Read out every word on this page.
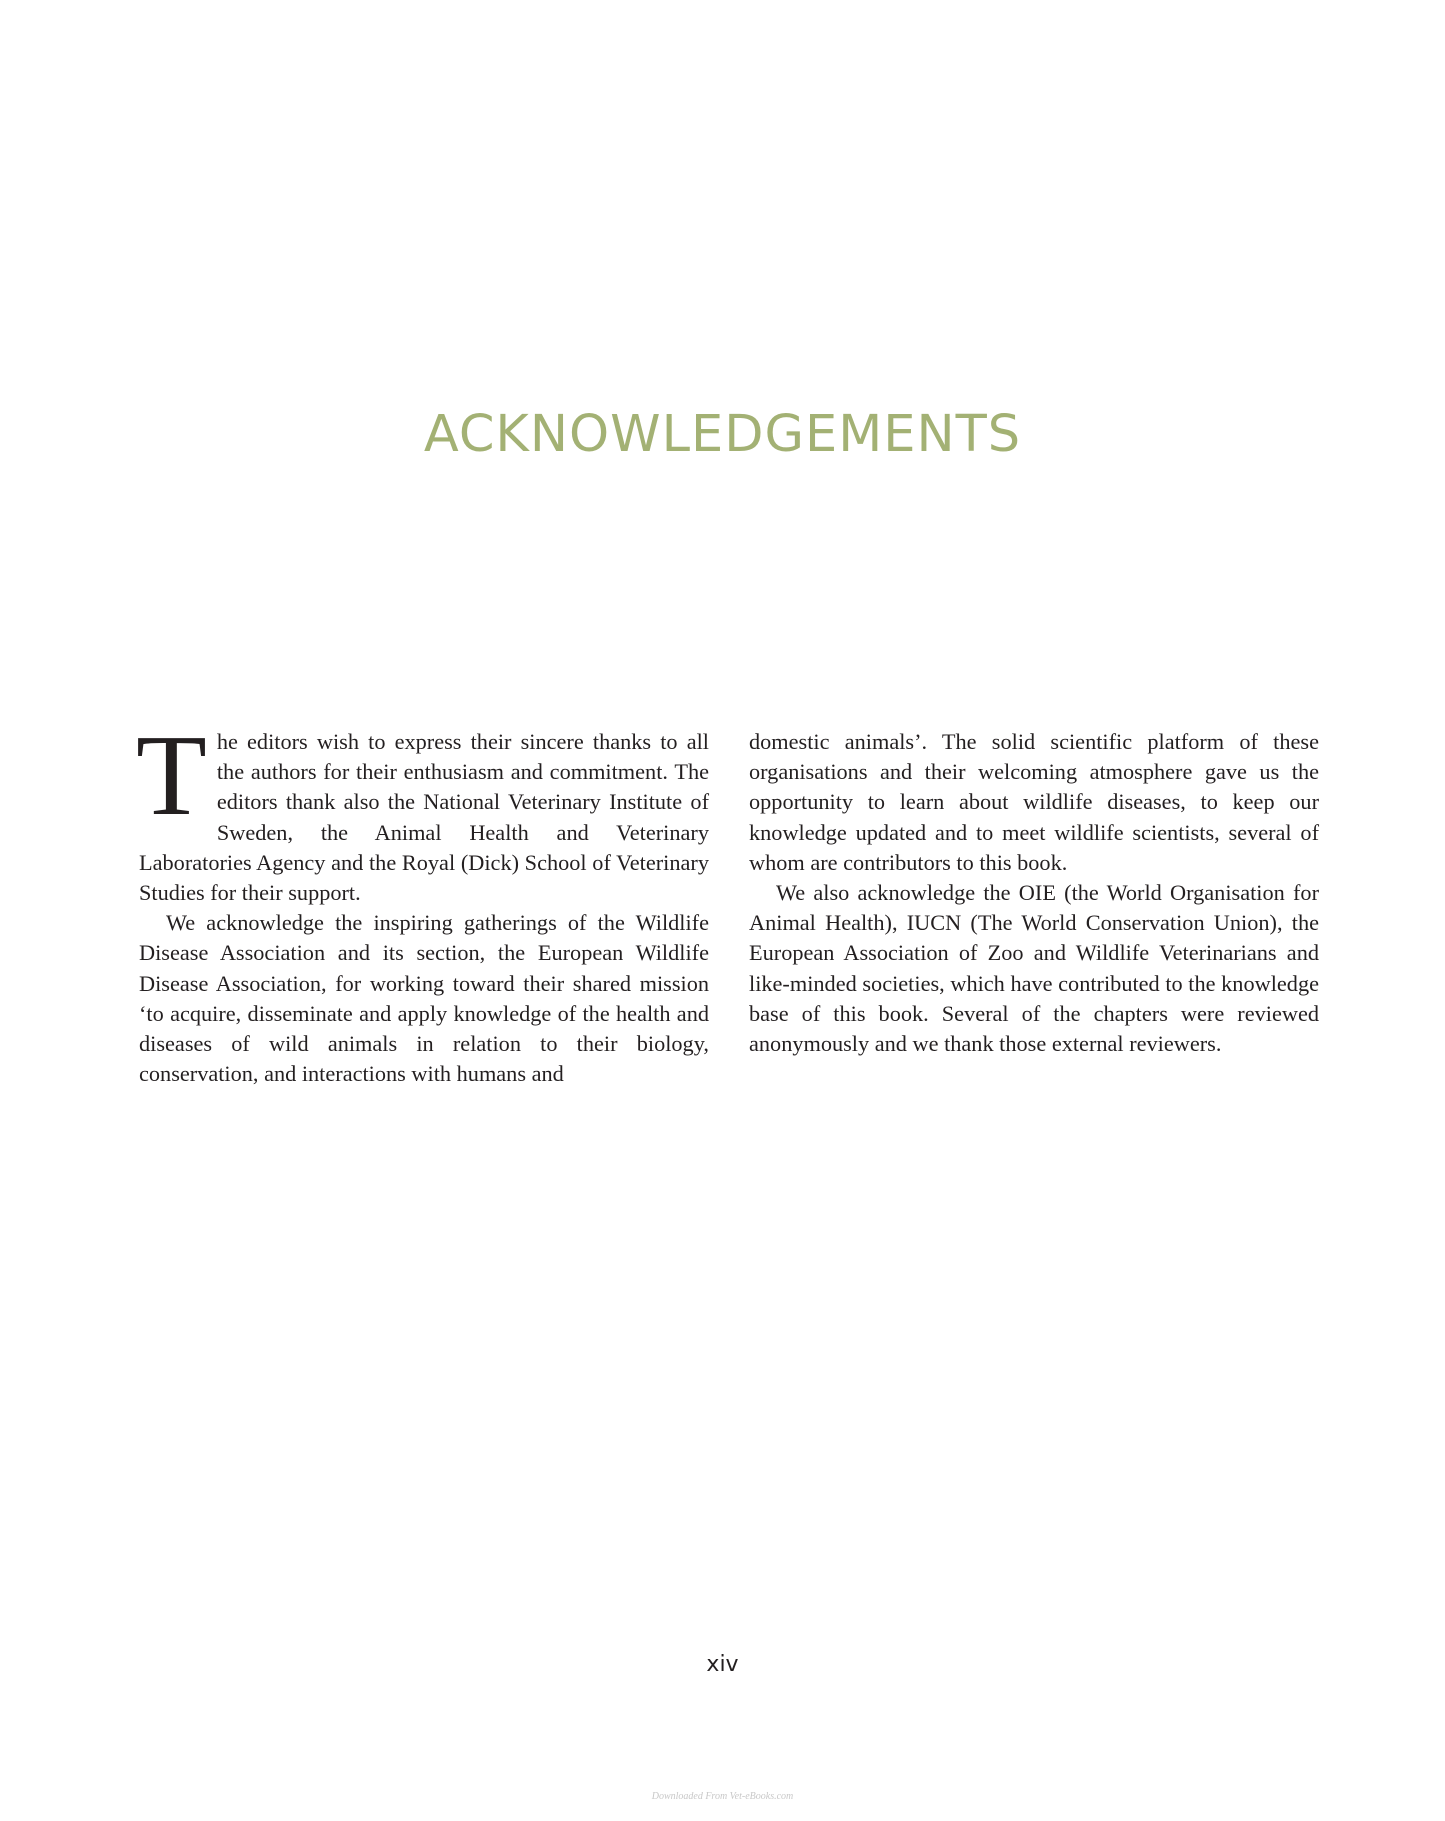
ACKNOWLEDGEMENTS

The editors wish to express their sincere thanks to all the authors for their enthusiasm and commitment. The editors thank also the National Veterinary Institute of Sweden, the Animal Health and Veterinary Laboratories Agency and the Royal (Dick) School of Veterinary Studies for their support.

We acknowledge the inspiring gatherings of the Wildlife Disease Association and its section, the European Wildlife Disease Association, for working toward their shared mission ‘to acquire, disseminate and apply knowledge of the health and diseases of wild animals in relation to their biology, conservation, and interactions with humans and

domestic animals’. The solid scientific platform of these organisations and their welcoming atmosphere gave us the opportunity to learn about wildlife diseases, to keep our knowledge updated and to meet wildlife scientists, several of whom are contributors to this book.

We also acknowledge the OIE (the World Organisation for Animal Health), IUCN (The World Conservation Union), the European Association of Zoo and Wildlife Veterinarians and like-minded societies, which have contributed to the knowledge base of this book. Several of the chapters were reviewed anonymously and we thank those external reviewers.

xiv
Downloaded From Vet-eBooks.com
